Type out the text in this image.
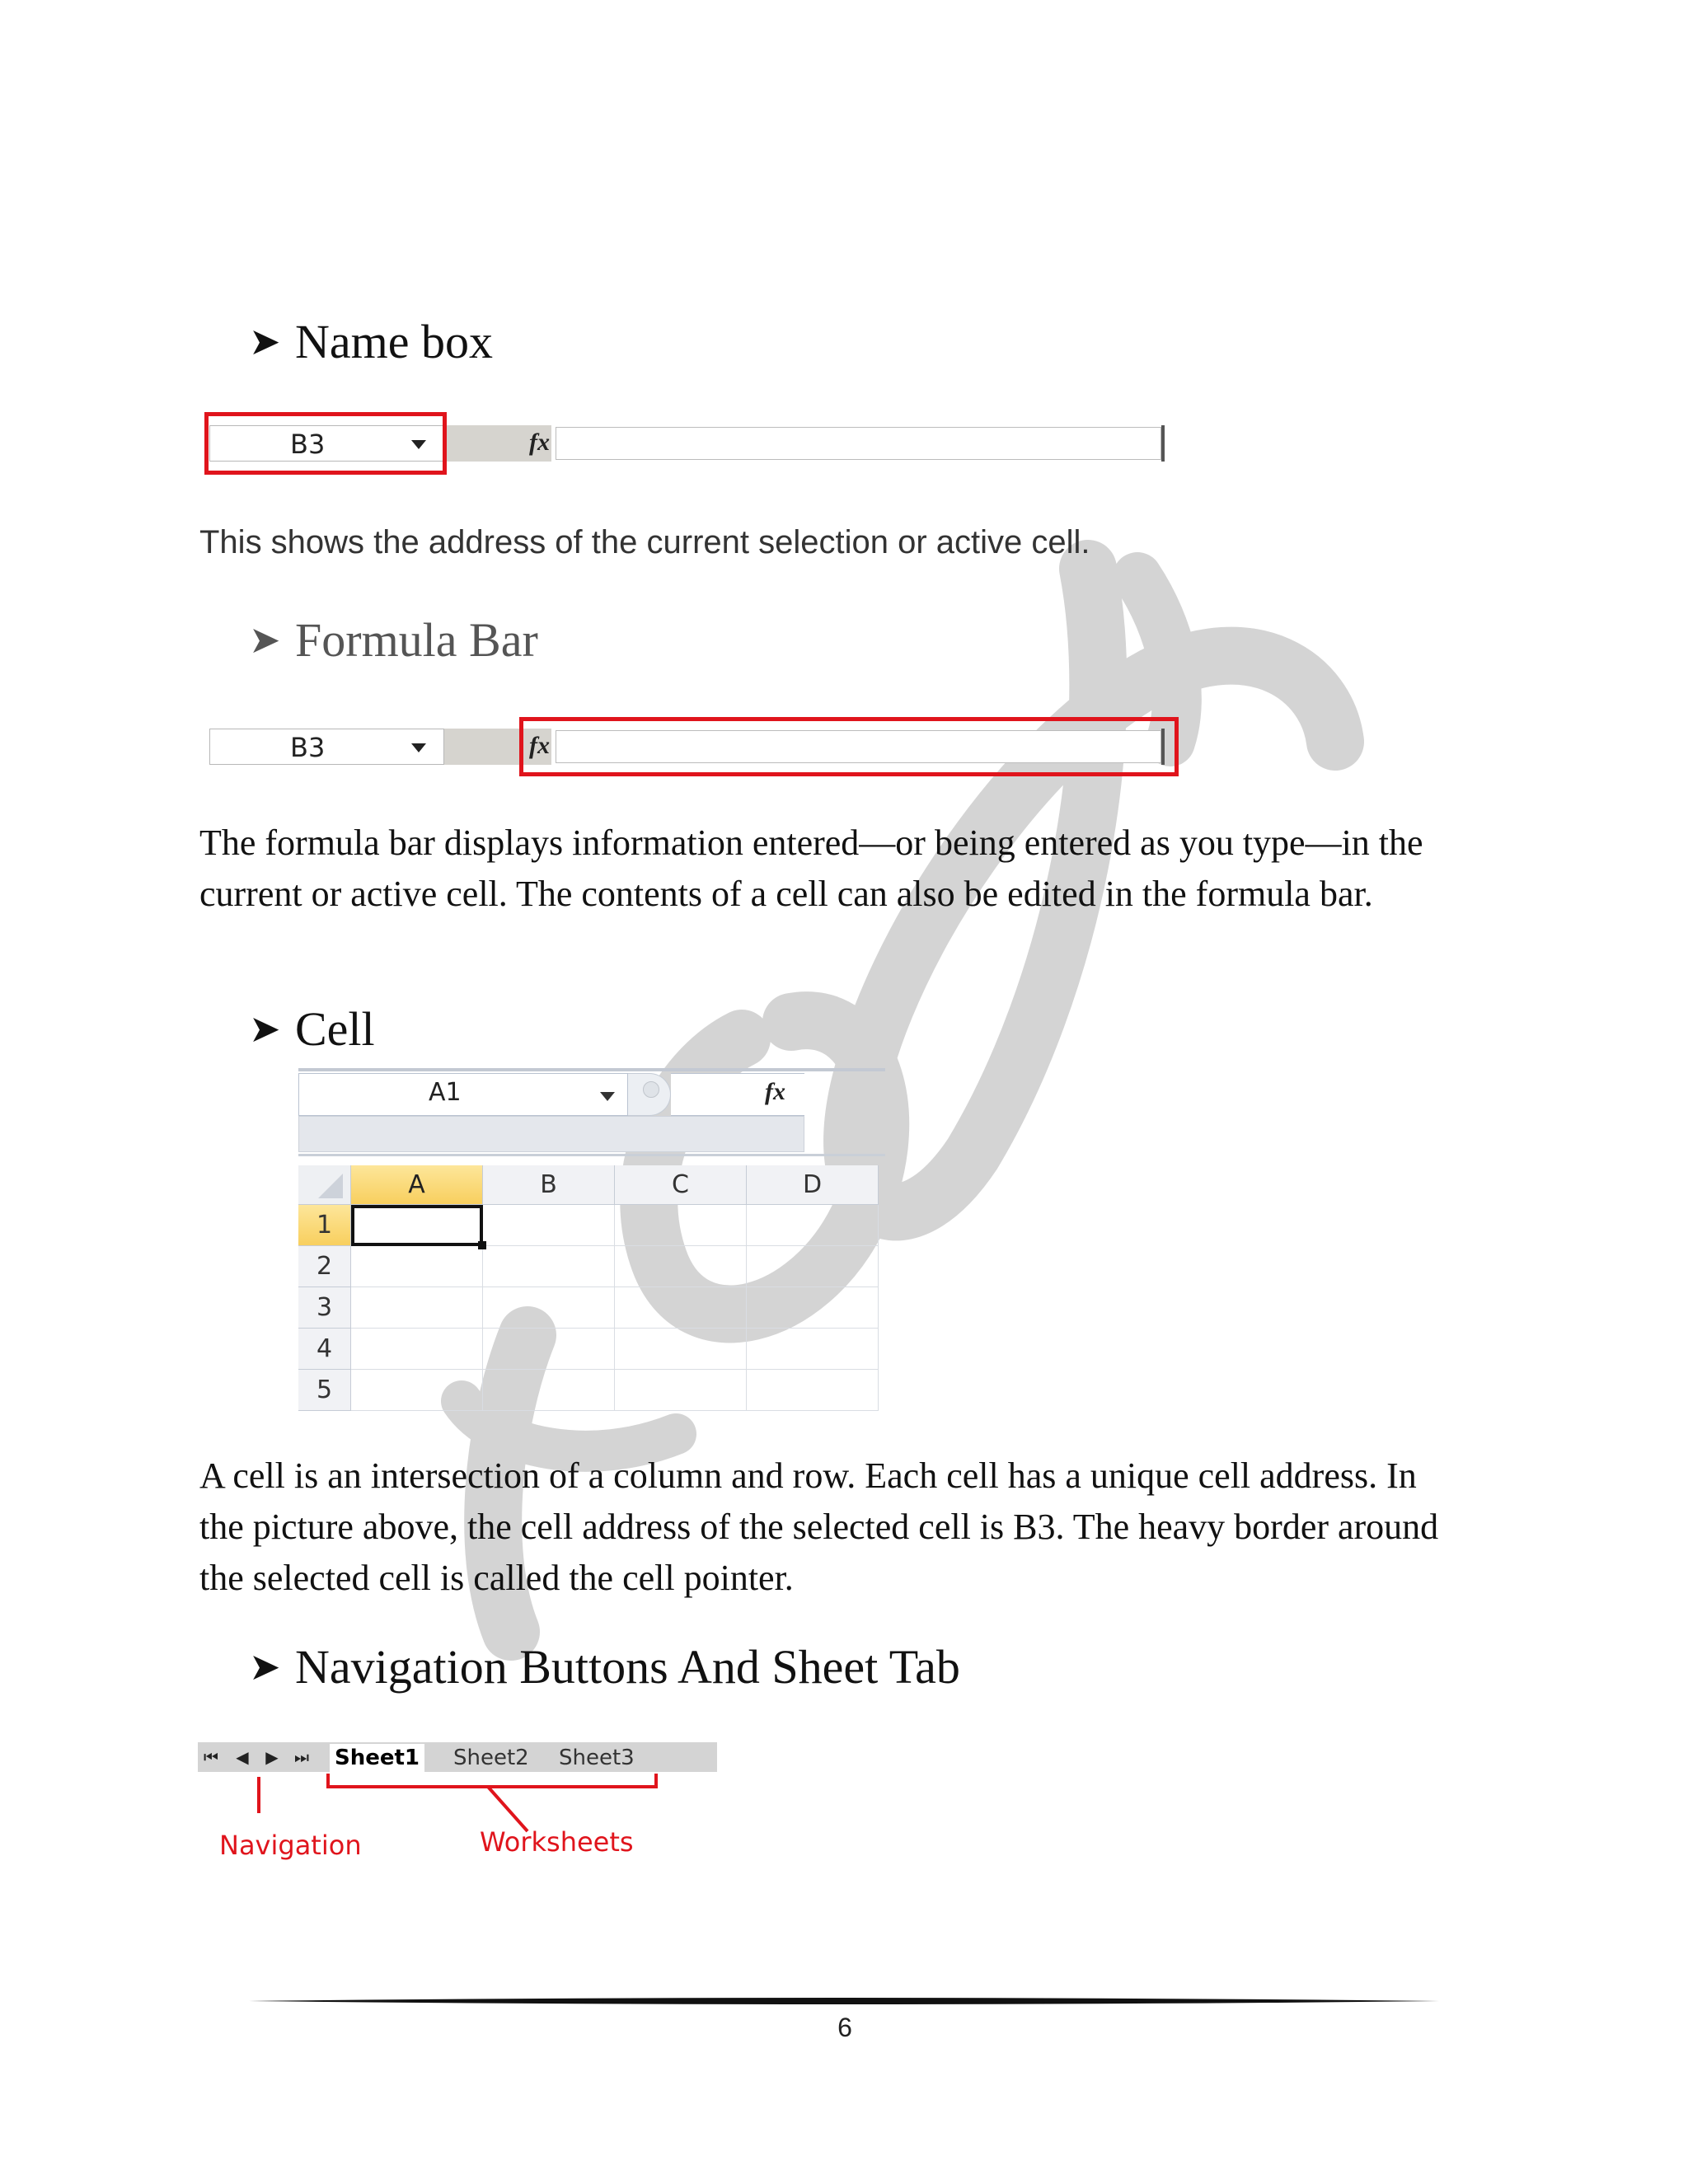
➤ Name box
B3	fx
This shows the address of the current selection or active cell.
➤ Formula Bar
B3	fx
The formula bar displays information entered—or being entered as you type—in the current or active cell. The contents of a cell can also be edited in the formula bar.
➤ Cell
A1	fx
A	B	C	D
1
2
3
4
5
A cell is an intersection of a column and row. Each cell has a unique cell address. In the picture above, the cell address of the selected cell is B3. The heavy border around the selected cell is called the cell pointer.
➤ Navigation Buttons And Sheet Tab
⏮	◀	▶ ⏭ Sheet1 Sheet2 Sheet3
Navigation	Worksheets
6
